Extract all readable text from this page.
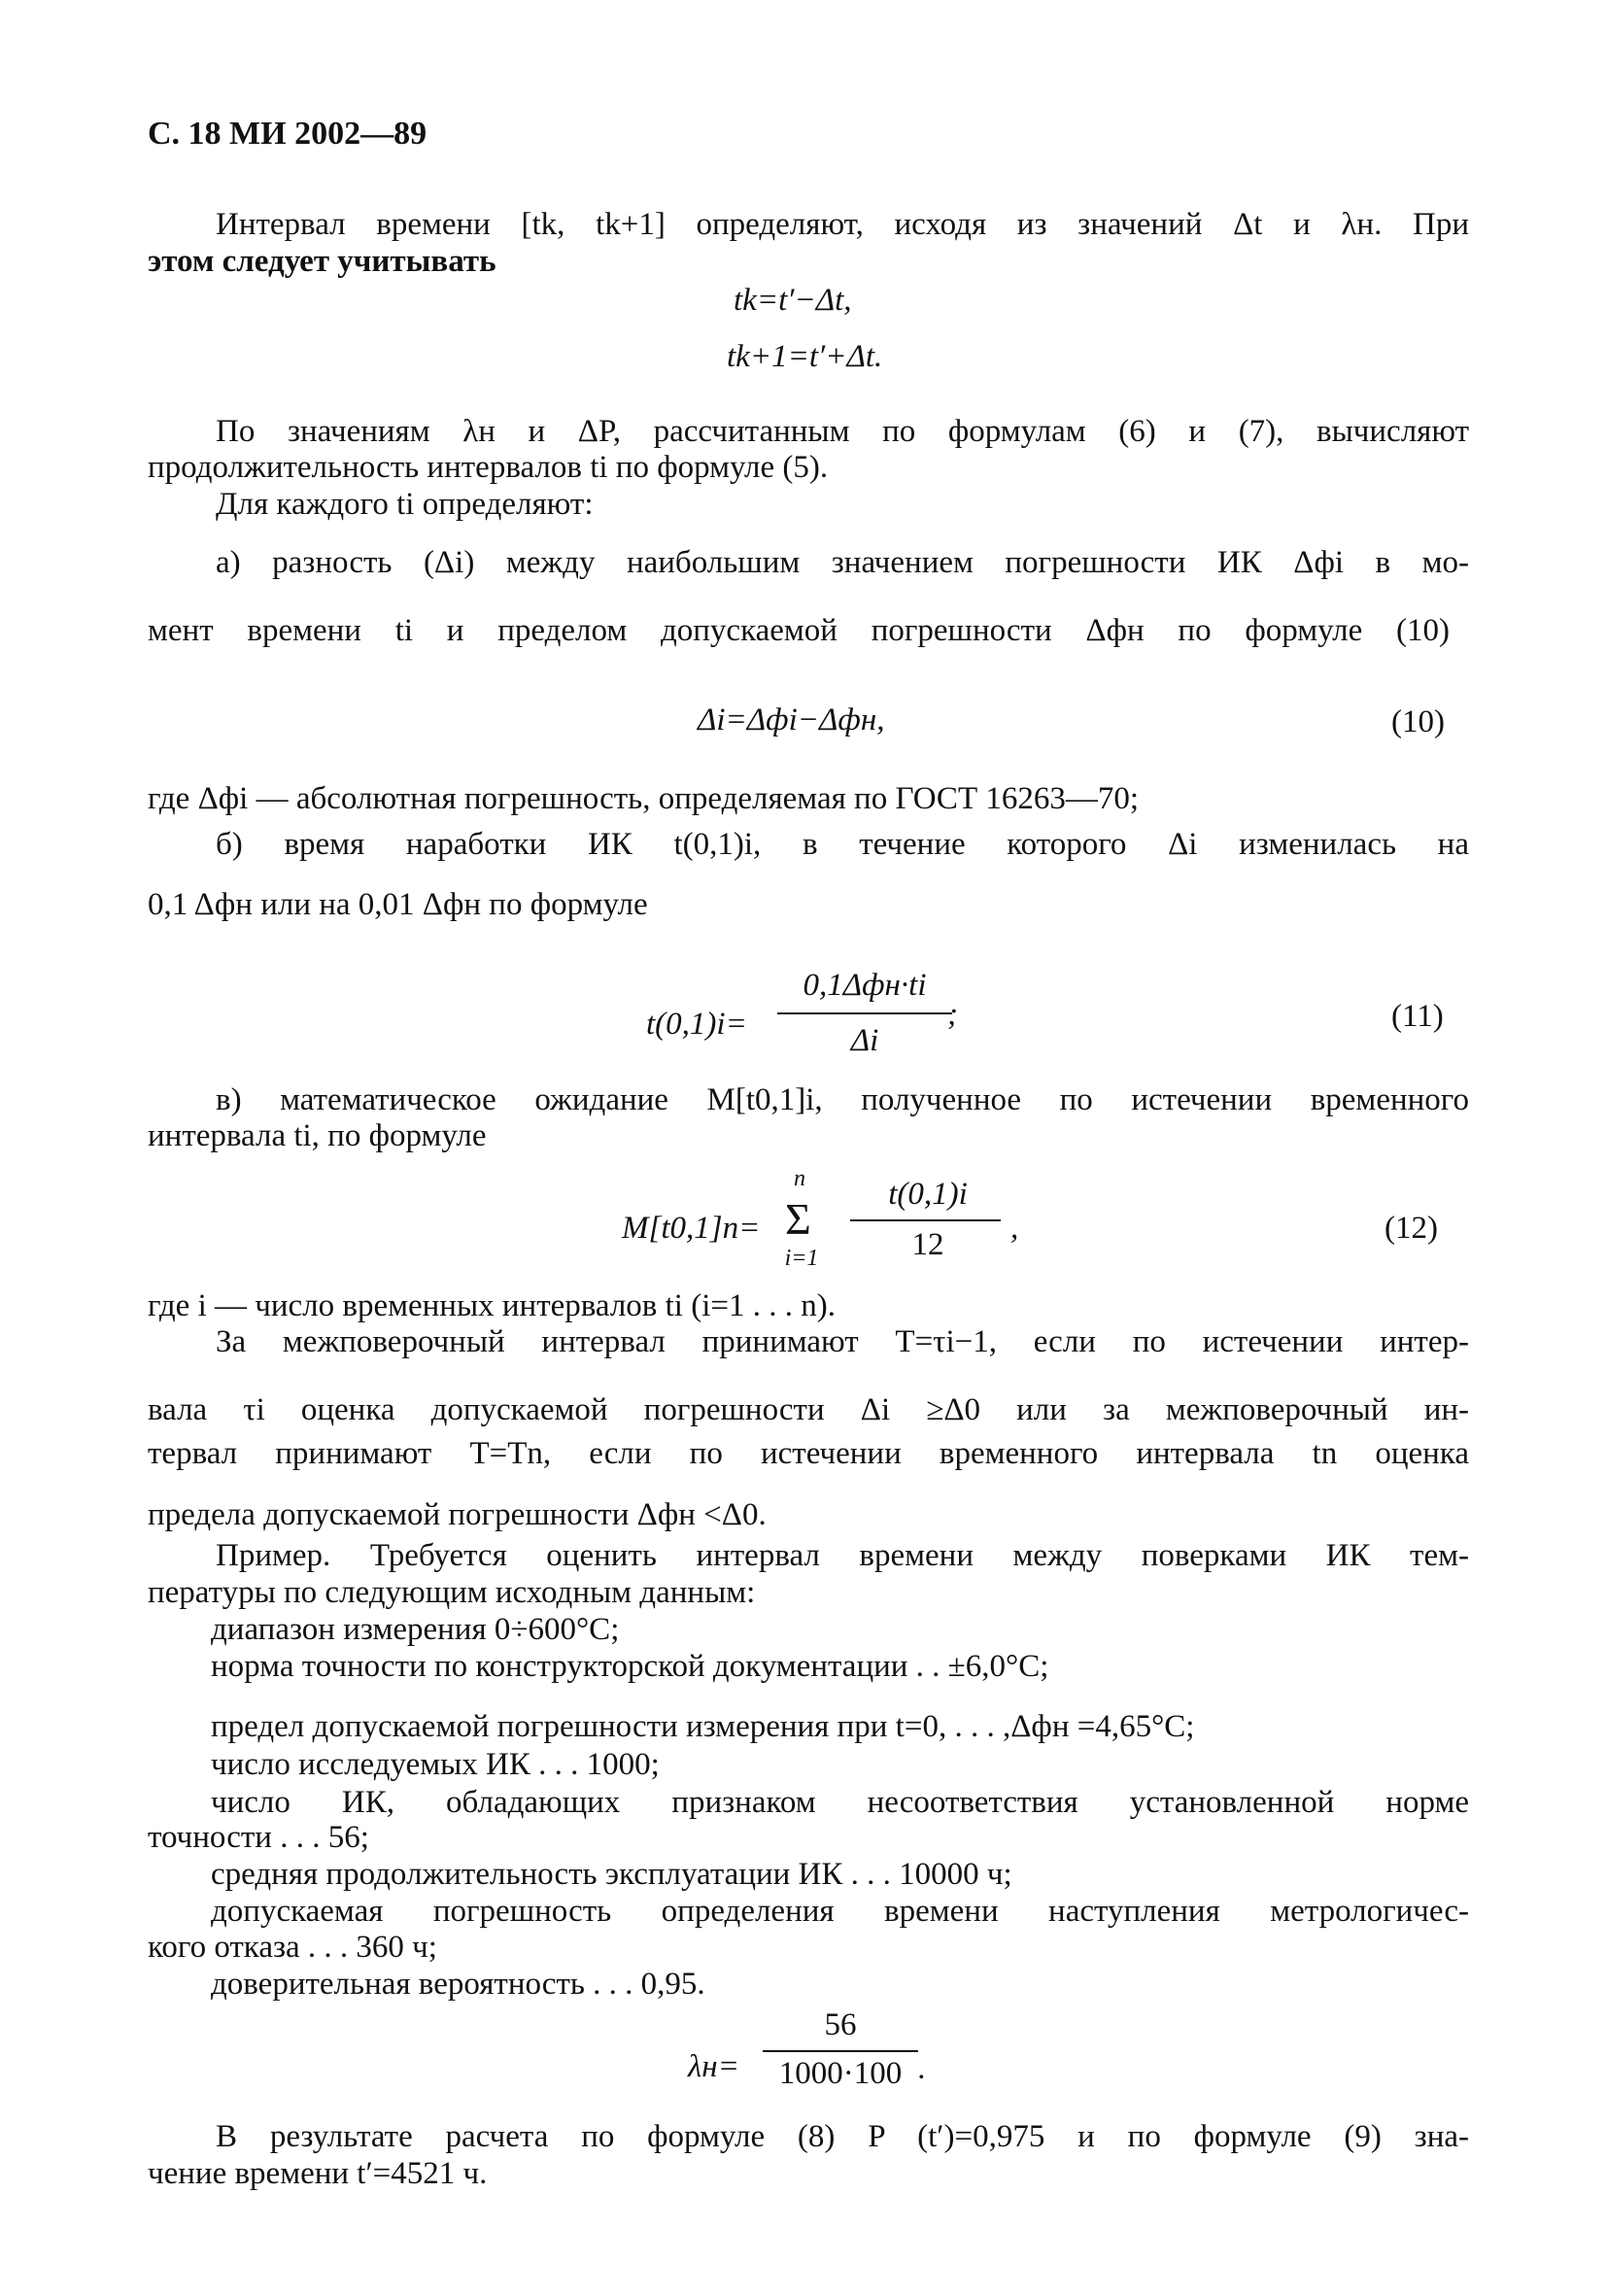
С. 18 МИ 2002—89
Интервал времени [tk, tk+1] определяют, исходя из значений Δt и λн. При
этом следует учитывать
tk=t′−Δt,
tk+1=t′+Δt.
По значениям λн и ΔP, рассчитанным по формулам (6) и (7), вычисляют
продолжительность интервалов ti по формуле (5).
Для каждого ti определяют:
а) разность (Δi) между наибольшим значением погрешности ИК Δфi в мо-
мент времени ti и пределом допускаемой погрешности Δфн по формуле (10)
Δi=Δфi−Δфн,	(10)
где Δфi — абсолютная погрешность, определяемая по ГОСТ 16263—70;
б) время наработки ИК t(0,1)i, в течение которого Δi изменилась на
0,1 Δфн или на 0,01 Δфн по формуле
t(0,1)i=
0,1Δфн·ti
Δi
;	(11)
в) математическое ожидание M[t0,1]i, полученное по истечении временного
интервала ti, по формуле
M[t0,1]n=
n
Σ
i=1
t(0,1)i
12	,	(12)
где i — число временных интервалов ti (i=1 . . . n).
За межповерочный интервал принимают T=τi−1, если по истечении интер-
вала τi оценка допускаемой погрешности Δi ≥Δ0 или за межповерочный ин-
тервал принимают T=Tn, если по истечении временного интервала tn оценка
предела допускаемой погрешности Δфн <Δ0.
Пример. Требуется оценить интервал времени между поверками ИК тем-
пературы по следующим исходным данным:
диапазон измерения 0÷600°С;
норма точности по конструкторской документации . . ±6,0°С;
предел допускаемой погрешности измерения при t=0, . . . ,Δфн =4,65°С;
число исследуемых ИК . . . 1000;
число ИК, обладающих признаком несоответствия установленной норме
точности . . . 56;
средняя продолжительность эксплуатации ИК . . . 10000 ч;
допускаемая погрешность определения времени наступления метрологичес-
кого отказа . . . 360 ч;
доверительная вероятность . . . 0,95.
λн=
56
1000·100 .
В результате расчета по формуле (8) P (t′)=0,975 и по формуле (9) зна-
чение времени t′=4521 ч.
